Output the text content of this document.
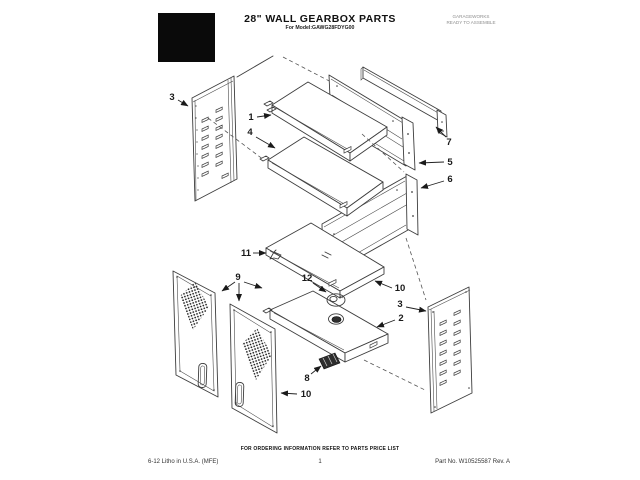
28" WALL GEARBOX PARTS
For Model:GAWG28FDYG00
GARAGEWORKS
READY TO ASSEMBLE
3
1
4
7
5
6
11
9	12
10
3
2
8
10
FOR ORDERING INFORMATION REFER TO PARTS PRICE LIST
6-12 Litho in U.S.A. (MFE)	1	Part No. W10525587 Rev. A
